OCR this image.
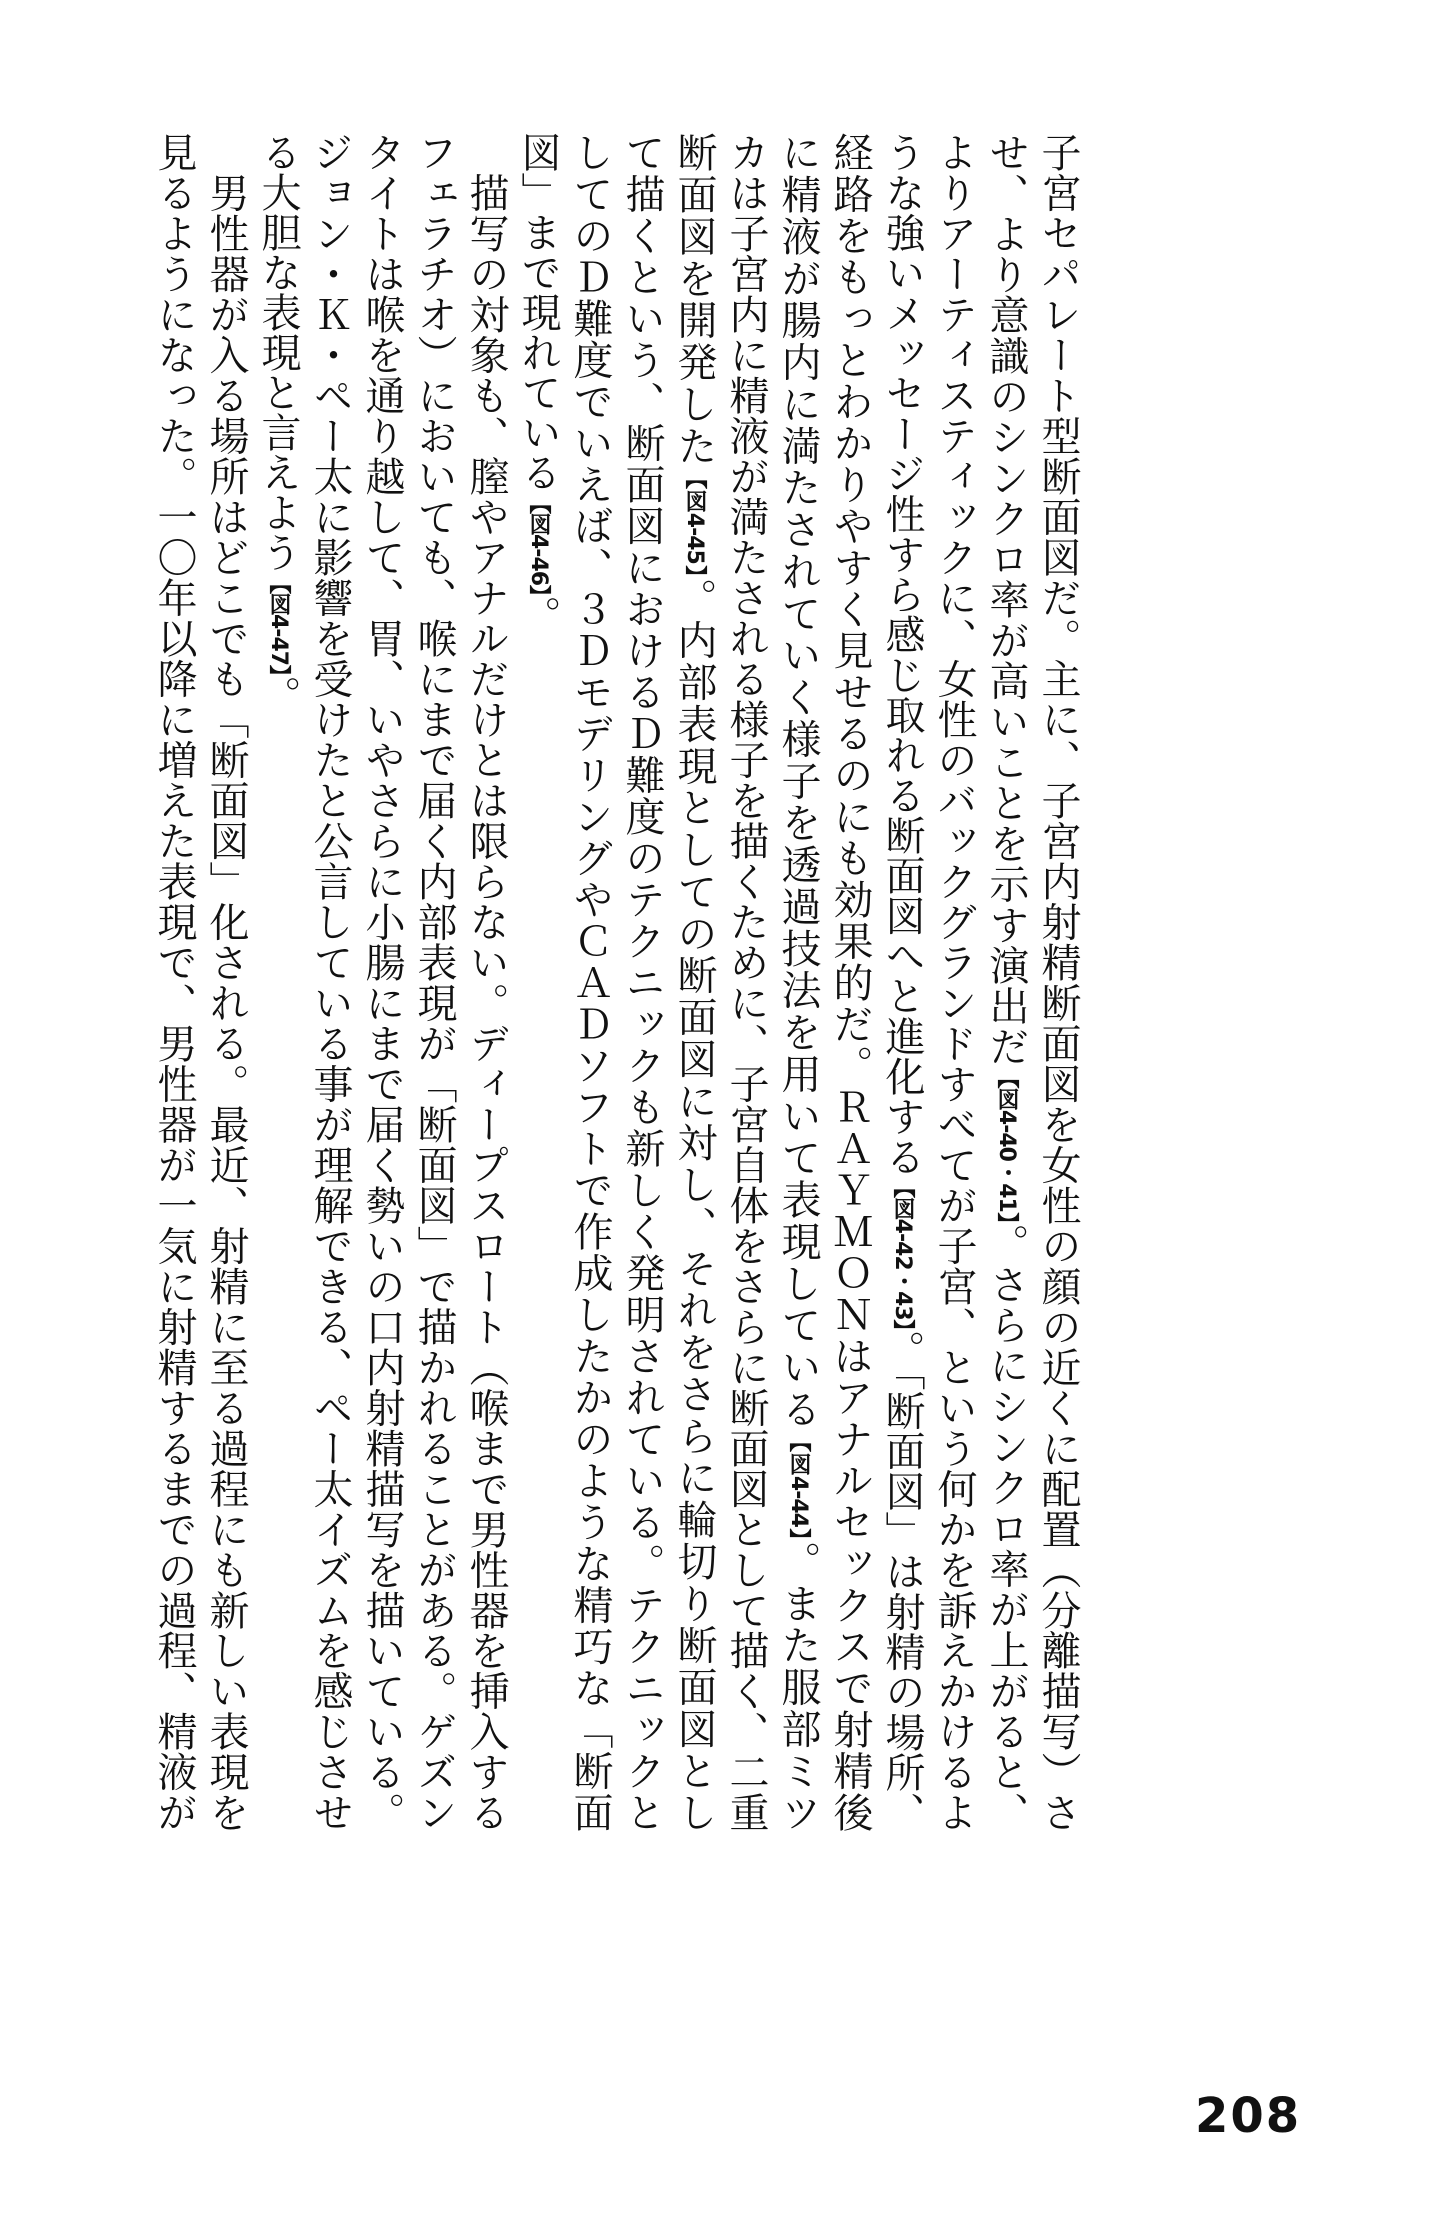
子宮セパレート型断面図だ。主に、子宮内射精断面図を女性の顔の近くに配置（分離描写）さ
せ、より意識のシンクロ率が高いことを示す演出だ【図4-40・41】。さらにシンクロ率が上がると、
よりアーティスティックに、女性のバックグランドすべてが子宮、という何かを訴えかけるよ
うな強いメッセージ性すら感じ取れる断面図へと進化する【図4-42・43】。「断面図」は射精の場所、
経路をもっとわかりやすく見せるのにも効果的だ。ＲＡＹＭＯＮはアナルセックスで射精後
に精液が腸内に満たされていく様子を透過技法を用いて表現している【図4-44】。また服部ミツ
カは子宮内に精液が満たされる様子を描くために、子宮自体をさらに断面図として描く、二重
断面図を開発した【図4-45】。内部表現としての断面図に対し、それをさらに輪切り断面図とし
て描くという、断面図におけるＤ難度のテクニックも新しく発明されている。テクニックと
してのＤ難度でいえば、３ＤモデリングやＣＡＤソフトで作成したかのような精巧な「断面
図」まで現れている【図4-46】。
　描写の対象も、膣やアナルだけとは限らない。ディープスロート（喉まで男性器を挿入する
フェラチオ）においても、喉にまで届く内部表現が「断面図」で描かれることがある。ゲズン
タイトは喉を通り越して、胃、いやさらに小腸にまで届く勢いの口内射精描写を描いている。
ジョン・Ｋ・ペー太に影響を受けたと公言している事が理解できる、ペー太イズムを感じさせ
る大胆な表現と言えよう【図4-47】。
　男性器が入る場所はどこでも「断面図」化される。最近、射精に至る過程にも新しい表現を
見るようになった。一〇年以降に増えた表現で、男性器が一気に射精するまでの過程、精液が
208
